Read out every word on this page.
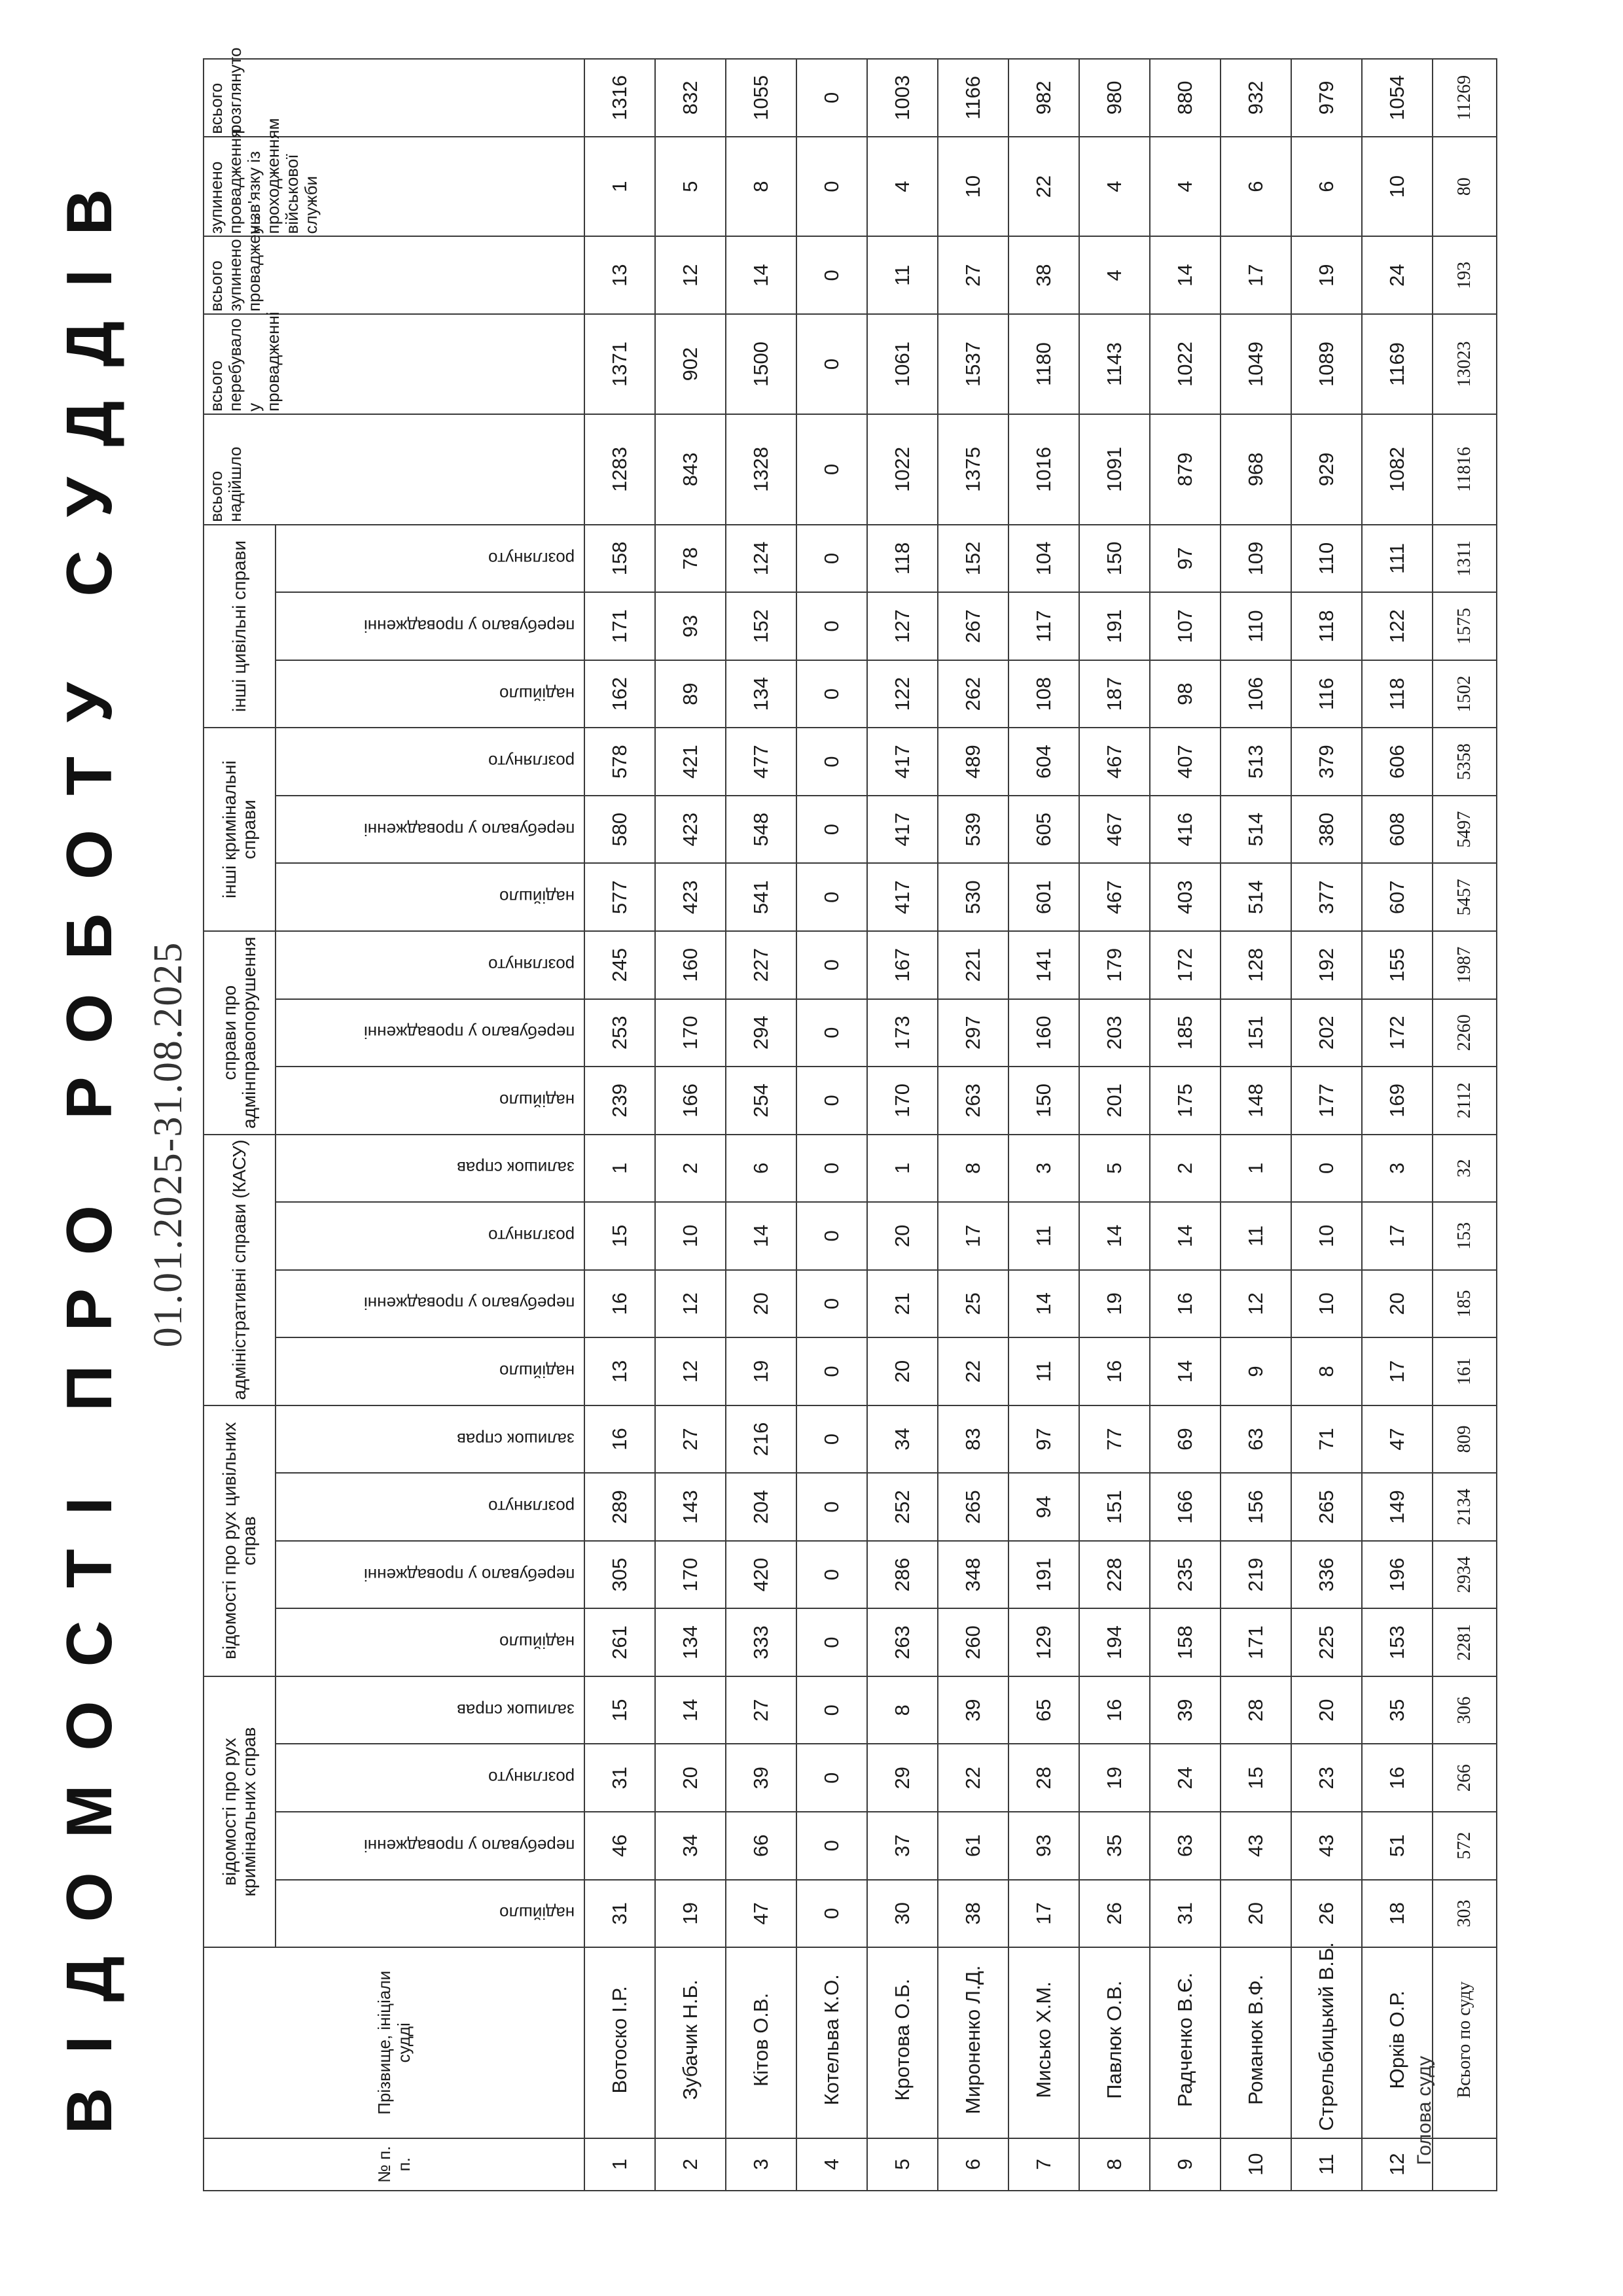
ВІДОМОСТІ ПРО РОБОТУ СУДДІВ 01.01.2025-31.08.2025
№ п. п.	Прізвище, ініціали судді	відомості про рух кримінальних справ				відомості про рух цивільних справ				адміністративні справи (КАСУ)				справи про адмінправопорушення			інші кримінальні справи			інші цивільні справи			всього надійшло	всього перебувало у провадженні	всього зупинено проваджень	зупинено провадження у зв'язку із проходженням військової служби	всього розглянуто
		надійшло	перебувало у провадженні	розглянуто	залишок справ	надійшло	перебувало у провадженні	розглянуто	залишок справ	надійшло	перебувало у провадженні	розглянуто	залишок справ	надійшло	перебувало у провадженні	розглянуто	надійшло	перебувало у провадженні	розглянуто	надійшло	перебувало у провадженні	розглянуто					
1	Вотоско І.Р.	31	46	31	15	261	305	289	16	13	16	15	1	239	253	245	577	580	578	162	171	158	1283	1371	13	1	1316
2	Зубачик Н.Б.	19	34	20	14	134	170	143	27	12	12	10	2	166	170	160	423	423	421	89	93	78	843	902	12	5	832
3	Кітов О.В.	47	66	39	27	333	420	204	216	19	20	14	6	254	294	227	541	548	477	134	152	124	1328	1500	14	8	1055
4	Котельва К.О.	0	0	0	0	0	0	0	0	0	0	0	0	0	0	0	0	0	0	0	0	0	0	0	0	0	0
5	Кротова О.Б.	30	37	29	8	263	286	252	34	20	21	20	1	170	173	167	417	417	417	122	127	118	1022	1061	11	4	1003
6	Мироненко Л.Д.	38	61	22	39	260	348	265	83	22	25	17	8	263	297	221	530	539	489	262	267	152	1375	1537	27	10	1166
7	Мисько Х.М.	17	93	28	65	129	191	94	97	11	14	11	3	150	160	141	601	605	604	108	117	104	1016	1180	38	22	982
8	Павлюк О.В.	26	35	19	16	194	228	151	77	16	19	14	5	201	203	179	467	467	467	187	191	150	1091	1143	4	4	980
9	Радченко В.Є.	31	63	24	39	158	235	166	69	14	16	14	2	175	185	172	403	416	407	98	107	97	879	1022	14	4	880
10	Романюк В.Ф.	20	43	15	28	171	219	156	63	9	12	11	1	148	151	128	514	514	513	106	110	109	968	1049	17	6	932
11	Стрельбицький В.Б.	26	43	23	20	225	336	265	71	8	10	10	0	177	202	192	377	380	379	116	118	110	929	1089	19	6	979
12	Юрків О.Р.	18	51	16	35	153	196	149	47	17	20	17	3	169	172	155	607	608	606	118	122	111	1082	1169	24	10	1054
	Всього по суду	303	572	266	306	2281	2934	2134	809	161	185	153	32	2112	2260	1987	5457	5497	5358	1502	1575	1311	11816	13023	193	80	11269
Голова суду
